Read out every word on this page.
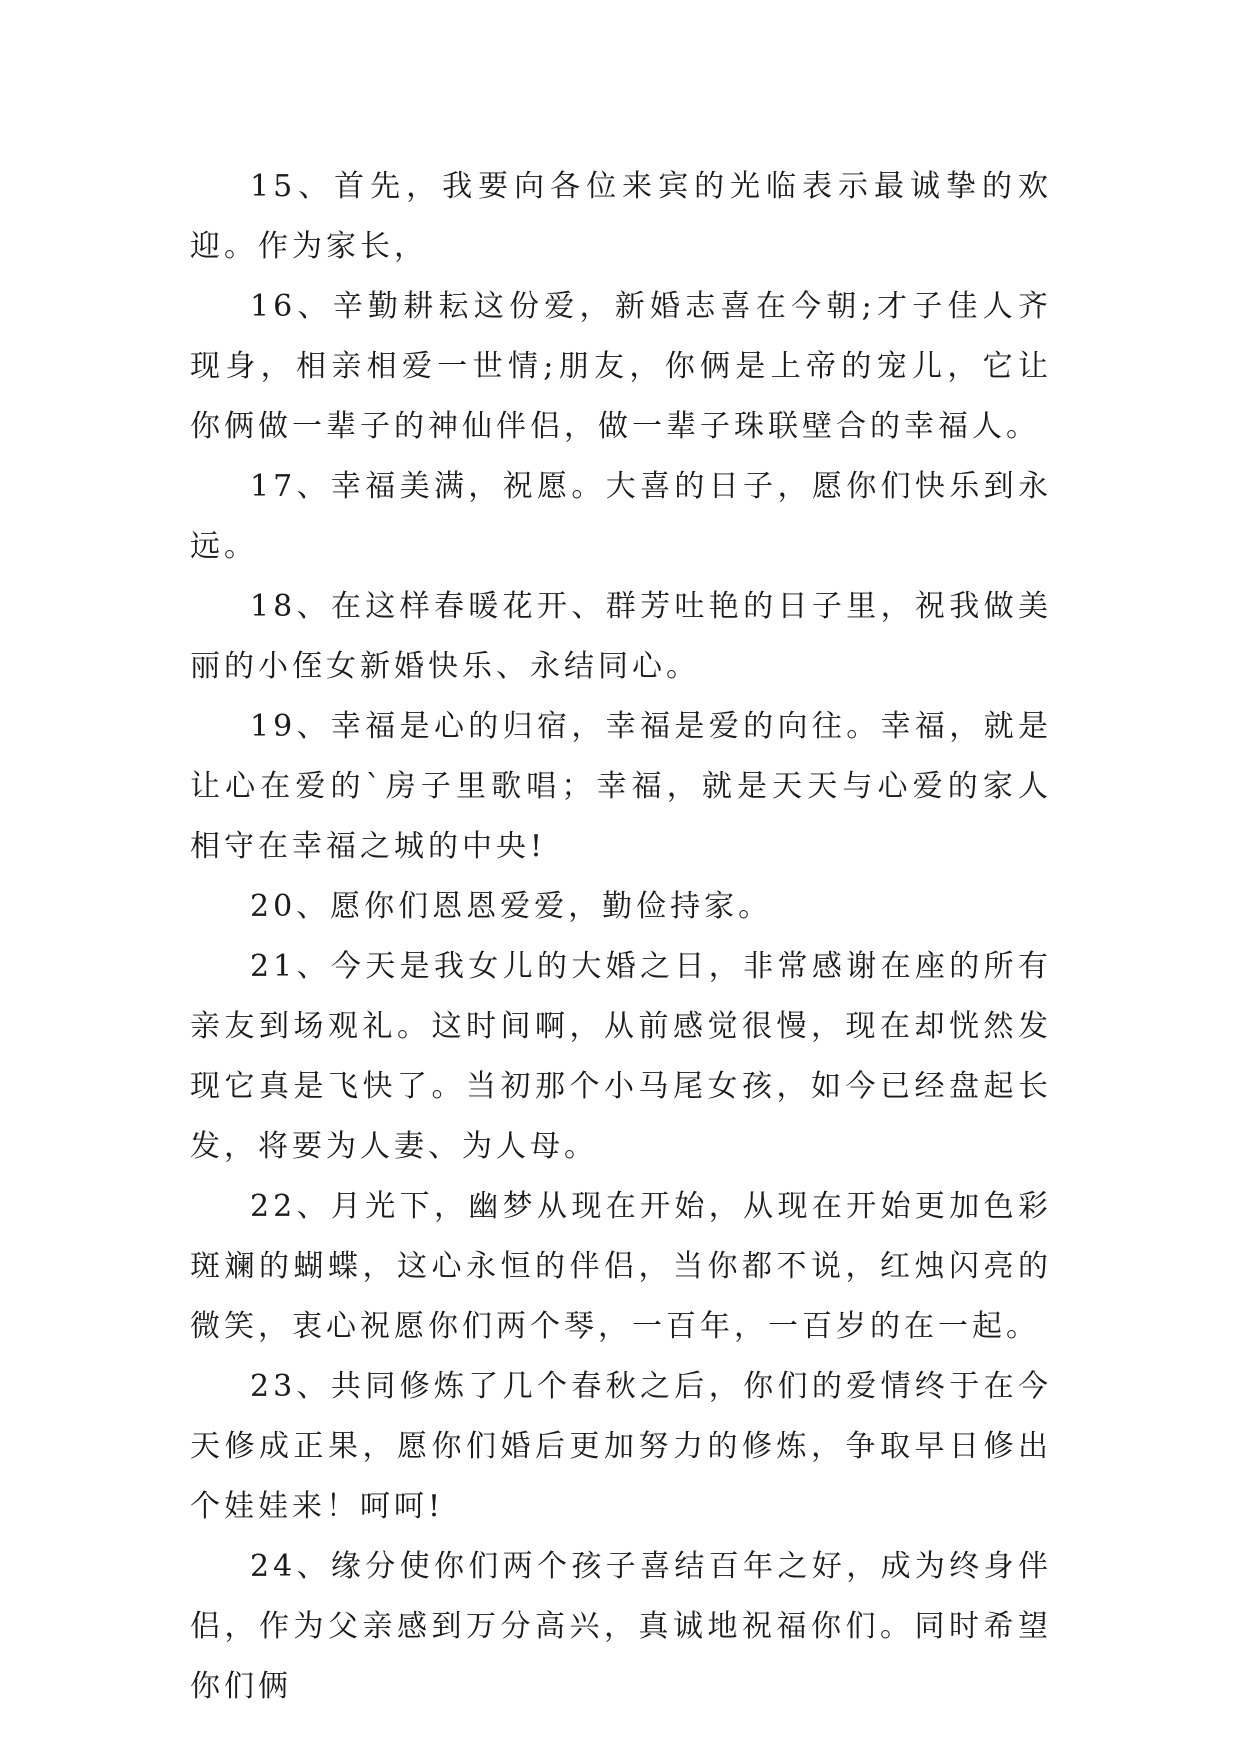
15、首先，我要向各位来宾的光临表示最诚挚的欢迎。作为家长，

16、辛勤耕耘这份爱，新婚志喜在今朝;才子佳人齐现身，相亲相爱一世情;朋友，你俩是上帝的宠儿，它让你俩做一辈子的神仙伴侣，做一辈子珠联壁合的幸福人。

17、幸福美满，祝愿。大喜的日子，愿你们快乐到永远。

18、在这样春暖花开、群芳吐艳的日子里，祝我做美丽的小侄女新婚快乐、永结同心。

19、幸福是心的归宿，幸福是爱的向往。幸福，就是让心在爱的`房子里歌唱；幸福，就是天天与心爱的家人相守在幸福之城的中央!

20、愿你们恩恩爱爱，勤俭持家。

21、今天是我女儿的大婚之日，非常感谢在座的所有亲友到场观礼。这时间啊，从前感觉很慢，现在却恍然发现它真是飞快了。当初那个小马尾女孩，如今已经盘起长发，将要为人妻、为人母。

22、月光下，幽梦从现在开始，从现在开始更加色彩斑斓的蝴蝶，这心永恒的伴侣，当你都不说，红烛闪亮的微笑，衷心祝愿你们两个琴，一百年，一百岁的在一起。

23、共同修炼了几个春秋之后，你们的爱情终于在今天修成正果，愿你们婚后更加努力的修炼，争取早日修出个娃娃来！呵呵!

24、缘分使你们两个孩子喜结百年之好，成为终身伴侣，作为父亲感到万分高兴，真诚地祝福你们。同时希望你们俩
